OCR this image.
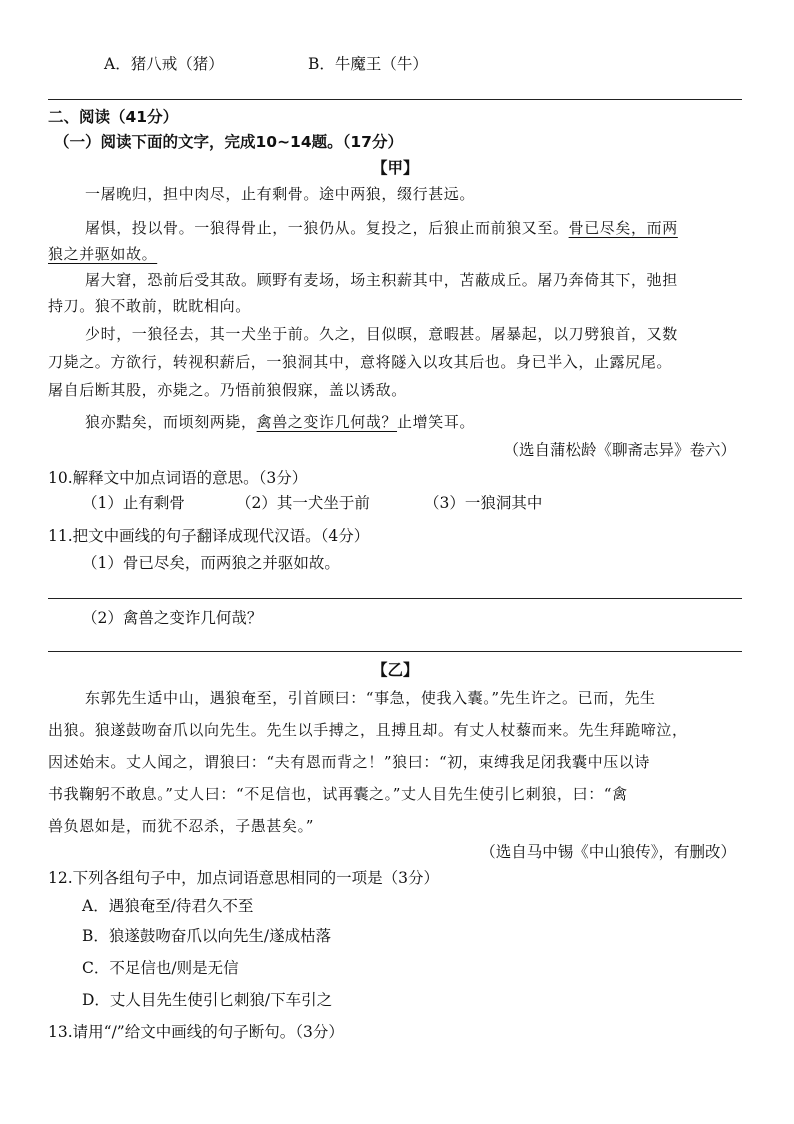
A．猪八戒（猪）	B．牛魔王（牛）
二、阅读（41分）
（一）阅读下面的文字，完成10~14题。（17分）
【甲】
一屠晚归，担中肉尽，止有剩骨。途中两狼，缀行甚远。
屠惧，投以骨。一狼得骨止，一狼仍从。复投之，后狼止而前狼又至。骨已尽矣，而两
狼之并驱如故。
屠大窘，恐前后受其敌。顾野有麦场，场主积薪其中，苫蔽成丘。屠乃奔倚其下，弛担
持刀。狼不敢前，眈眈相向。
少时，一狼径去，其一犬坐于前。久之，目似暝，意暇甚。屠暴起，以刀劈狼首，又数
刀毙之。方欲行，转视积薪后，一狼洞其中，意将隧入以攻其后也。身已半入，止露尻尾。
屠自后断其股，亦毙之。乃悟前狼假寐，盖以诱敌。
狼亦黠矣，而顷刻两毙，禽兽之变诈几何哉？止增笑耳。
（选自蒲松龄《聊斋志异》卷六）
10.解释文中加点词语的意思。（3分）
（1）止有剩骨	（2）其一犬坐于前	（3）一狼洞其中
11.把文中画线的句子翻译成现代汉语。（4分）
（1）骨已尽矣，而两狼之并驱如故。
（2）禽兽之变诈几何哉？
【乙】
东郭先生适中山，遇狼奄至，引首顾曰：“事急，使我入囊。”先生许之。已而，先生
出狼。狼遂鼓吻奋爪以向先生。先生以手搏之，且搏且却。有丈人杖藜而来。先生拜跪啼泣，
因述始末。丈人闻之，谓狼曰：“夫有恩而背之！”狼曰：“初，束缚我足闭我囊中压以诗
书我鞠躬不敢息。”丈人曰：“不足信也，试再囊之。”丈人目先生使引匕刺狼，曰：“禽
兽负恩如是，而犹不忍杀，子愚甚矣。”
（选自马中锡《中山狼传》，有删改）
12.下列各组句子中，加点词语意思相同的一项是（3分）
A．遇狼奄至/待君久不至
B．狼遂鼓吻奋爪以向先生/遂成枯落
C．不足信也/则是无信
D．丈人目先生使引匕刺狼/下车引之
13.请用“/”给文中画线的句子断句。（3分）
